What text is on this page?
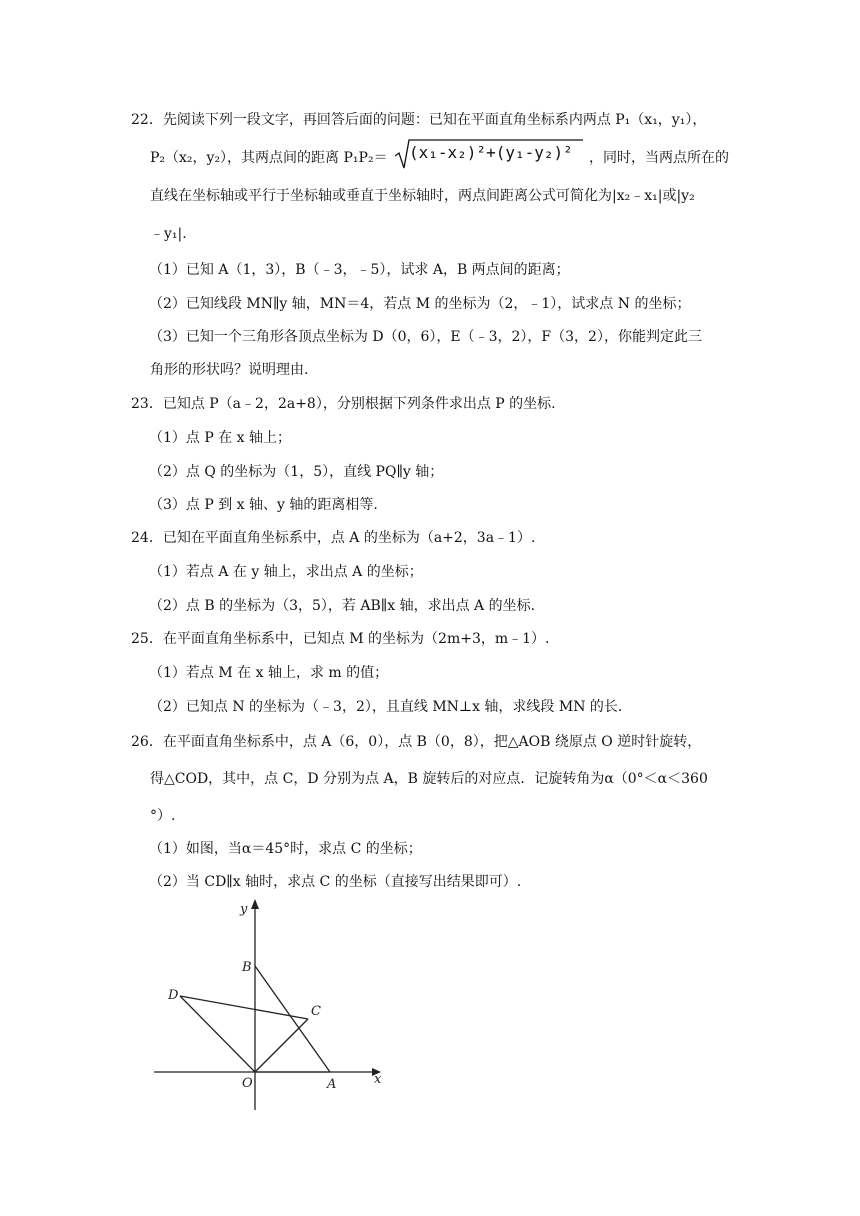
22．先阅读下列一段文字，再回答后面的问题：已知在平面直角坐标系内两点 P₁（x₁，y₁），
P₂（x₂，y₂），其两点间的距离 P₁P₂＝ (x₁-x₂)²+(y₁-y₂)² ，同时，当两点所在的
直线在坐标轴或平行于坐标轴或垂直于坐标轴时，两点间距离公式可简化为|x₂﹣x₁|或|y₂
﹣y₁|.
（1）已知 A（1，3），B（﹣3，﹣5），试求 A，B 两点间的距离；
（2）已知线段 MN∥y 轴，MN＝4，若点 M 的坐标为（2，﹣1），试求点 N 的坐标；
（3）已知一个三角形各顶点坐标为 D（0，6），E（﹣3，2），F（3，2），你能判定此三
角形的形状吗？说明理由.
23．已知点 P（a﹣2，2a+8），分别根据下列条件求出点 P 的坐标.
（1）点 P 在 x 轴上；
（2）点 Q 的坐标为（1，5），直线 PQ∥y 轴；
（3）点 P 到 x 轴、y 轴的距离相等.
24．已知在平面直角坐标系中，点 A 的坐标为（a+2，3a﹣1）.
（1）若点 A 在 y 轴上，求出点 A 的坐标；
（2）点 B 的坐标为（3，5），若 AB∥x 轴，求出点 A 的坐标.
25．在平面直角坐标系中，已知点 M 的坐标为（2m+3，m﹣1）.
（1）若点 M 在 x 轴上，求 m 的值；
（2）已知点 N 的坐标为（﹣3，2），且直线 MN⊥x 轴，求线段 MN 的长.
26．在平面直角坐标系中，点 A（6，0），点 B（0，8），把△AOB 绕原点 O 逆时针旋转，
得△COD，其中，点 C，D 分别为点 A，B 旋转后的对应点．记旋转角为α（0°＜α＜360
°）.
（1）如图，当α＝45°时，求点 C 的坐标；
（2）当 CD∥x 轴时，求点 C 的坐标（直接写出结果即可）.
y
x
O	A
B
C
D
